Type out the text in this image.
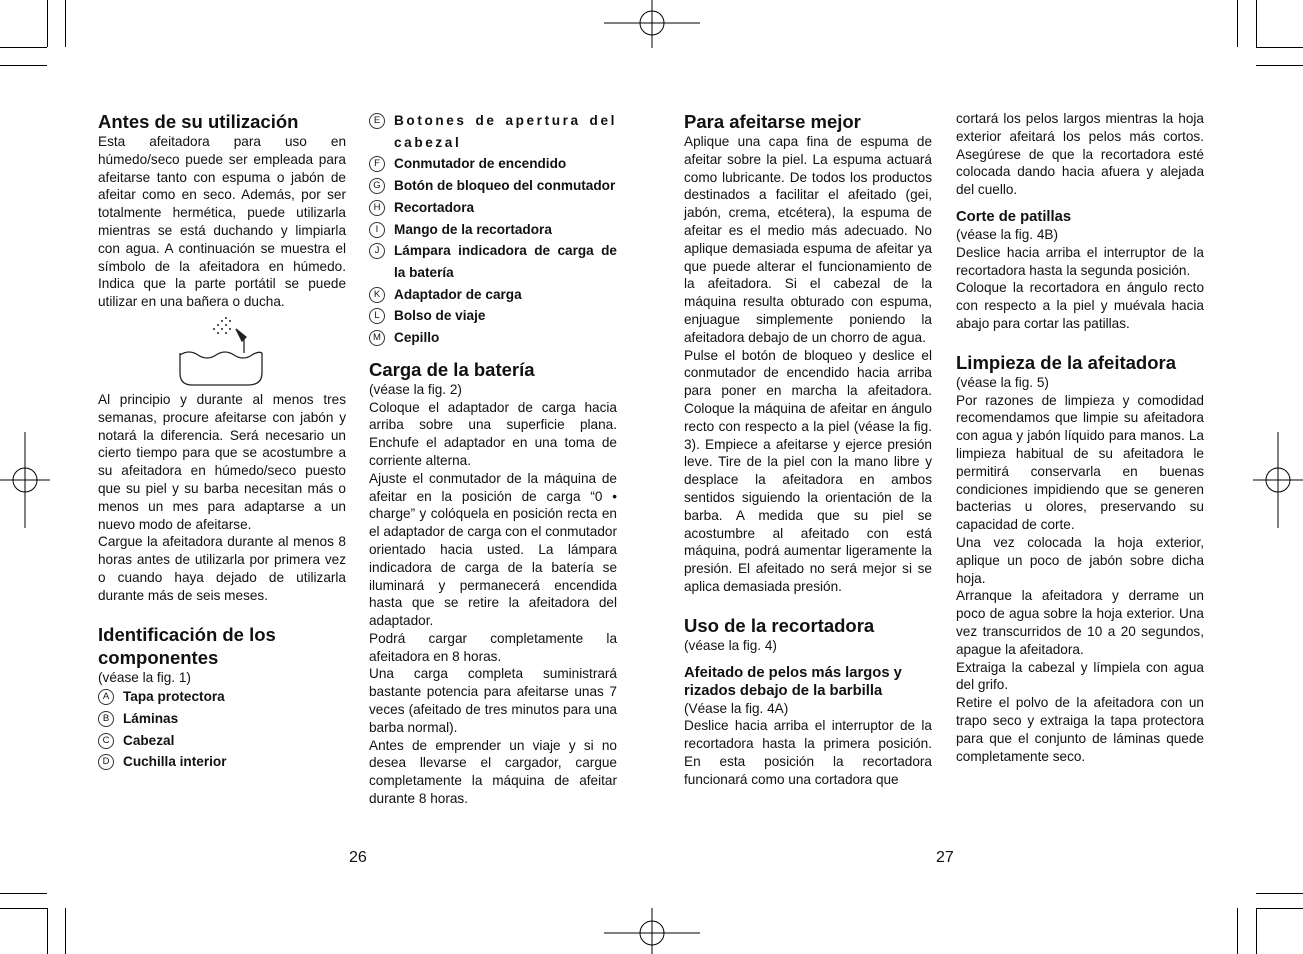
Antes de su utilización

Esta afeitadora para uso en húmedo/seco puede ser empleada para afeitarse tanto con espuma o jabón de afeitar como en seco. Además, por ser totalmente hermética, puede utilizarla mientras se está duchando y limpiarla con agua. A continuación se muestra el símbolo de la afeitadora en húmedo. Indica que la parte portátil se puede utilizar en una bañera o ducha.

Al principio y durante al menos tres semanas, procure afeitarse con jabón y notará la diferencia. Será necesario un cierto tiempo para que se acostumbre a su afeitadora en húmedo/seco puesto que su piel y su barba necesitan más o menos un mes para adaptarse a un nuevo modo de afeitarse.

Cargue la afeitadora durante al menos 8 horas antes de utilizarla por primera vez o cuando haya dejado de utilizarla durante más de seis meses.

Identificación de los componentes

(véase la fig. 1)

A	Tapa protectora
B	Láminas
C Cabezal
D Cuchilla interior
E	Botones de apertura del cabezal
F	Conmutador de encendido
G Botón de bloqueo del conmutador
H Recortadora
I	Mango de la recortadora
J	Lámpara indicadora de carga de la batería
K	Adaptador de carga
L	Bolso de viaje
M Cepillo
Carga de la batería

(véase la fig. 2)

Coloque el adaptador de carga hacia arriba sobre una superficie plana. Enchufe el adaptador en una toma de corriente alterna.

Ajuste el conmutador de la máquina de afeitar en la posición de carga “0 • charge” y colóquela en posición recta en el adaptador de carga con el conmutador orientado hacia usted. La lámpara indicadora de carga de la batería se iluminará y permanecerá encendida hasta que se retire la afeitadora del adaptador.

Podrá cargar completamente la afeitadora en 8 horas.

Una carga completa suministrará bastante potencia para afeitarse unas 7 veces (afeitado de tres minutos para una barba normal).

Antes de emprender un viaje y si no desea llevarse el cargador, cargue completamente la máquina de afeitar durante 8 horas.

Para afeitarse mejor

Aplique una capa fina de espuma de afeitar sobre la piel. La espuma actuará como lubricante. De todos los productos destinados a facilitar el afeitado (gei, jabón, crema, etcétera), la espuma de afeitar es el medio más adecuado. No aplique demasiada espuma de afeitar ya que puede alterar el funcionamiento de la afeitadora. Si el cabezal de la máquina resulta obturado con espuma, enjuague simplemente poniendo la afeitadora debajo de un chorro de agua.

Pulse el botón de bloqueo y deslice el conmutador de encendido hacia arriba para poner en marcha la afeitadora. Coloque la máquina de afeitar en ángulo recto con respecto a la piel (véase la fig. 3). Empiece a afeitarse y ejerce presión leve. Tire de la piel con la mano libre y desplace la afeitadora en ambos sentidos siguiendo la orientación de la barba. A medida que su piel se acostumbre al afeitado con está máquina, podrá aumentar ligeramente la presión. El afeitado no será mejor si se aplica demasiada presión.

Uso de la recortadora

(véase la fig. 4)

Afeitado de pelos más largos y rizados debajo de la barbilla

(Véase la fig. 4A)

Deslice hacia arriba el interruptor de la recortadora hasta la primera posición. En esta posición la recortadora funcionará como una cortadora que

cortará los pelos largos mientras la hoja exterior afeitará los pelos más cortos. Asegúrese de que la recortadora esté colocada dando hacia afuera y alejada del cuello.

Corte de patillas

(véase la fig. 4B)

Deslice hacia arriba el interruptor de la recortadora hasta la segunda posición.

Coloque la recortadora en ángulo recto con respecto a la piel y muévala hacia abajo para cortar las patillas.

Limpieza de la afeitadora

(véase la fig. 5)

Por razones de limpieza y comodidad recomendamos que limpie su afeitadora con agua y jabón líquido para manos. La limpieza habitual de su afeitadora le permitirá conservarla en buenas condiciones impidiendo que se generen bacterias u olores, preservando su capacidad de corte.

Una vez colocada la hoja exterior, aplique un poco de jabón sobre dicha hoja.

Arranque la afeitadora y derrame un poco de agua sobre la hoja exterior. Una vez transcurridos de 10 a 20 segundos, apague la afeitadora.

Extraiga la cabezal y límpiela con agua del grifo.

Retire el polvo de la afeitadora con un trapo seco y extraiga la tapa protectora para que el conjunto de láminas quede completamente seco.

26	27
